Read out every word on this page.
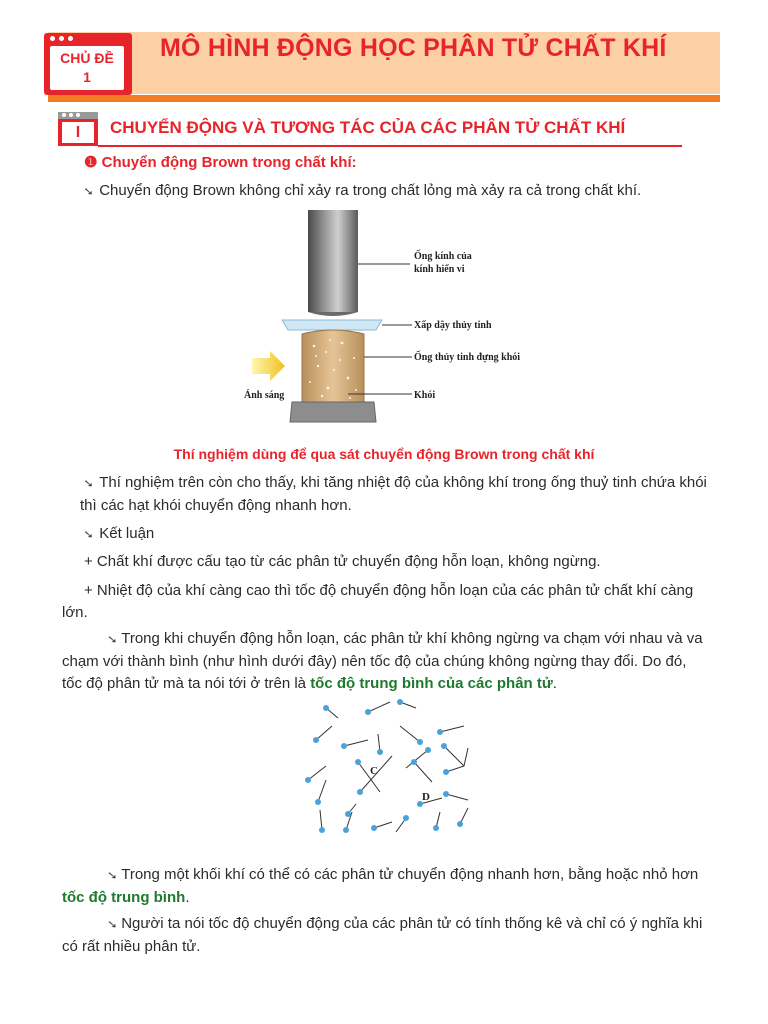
CHỦ ĐỀ
1
MÔ HÌNH ĐỘNG HỌC PHÂN TỬ CHẤT KHÍ
I	CHUYỂN ĐỘNG VÀ TƯƠNG TÁC CỦA CÁC PHÂN TỬ CHẤT KHÍ
❶ Chuyển động Brown trong chất khí:
➘ Chuyển động Brown không chỉ xảy ra trong chất lỏng mà xảy ra cả trong chất khí.
Ống kính của
kính hiển vi
Xấp dậy thủy tinh
Ống thủy tinh đựng khói
Ánh sáng	Khói
Thí nghiệm dùng để qua sát chuyển động Brown trong chất khí
➘ Thí nghiệm trên còn cho thấy, khi tăng nhiệt độ của không khí trong ống thuỷ tinh chứa khói thì các hạt khói chuyển động nhanh hơn.
➘ Kết luận
+ Chất khí được cấu tạo từ các phân tử chuyển động hỗn loạn, không ngừng.
+ Nhiệt độ của khí càng cao thì tốc độ chuyển động hỗn loạn của các phân tử chất khí càng lớn.
➘ Trong khi chuyển động hỗn loạn, các phân tử khí không ngừng va chạm với nhau và va chạm với thành bình (như hình dưới đây) nên tốc độ của chúng không ngừng thay đổi. Do đó, tốc độ phân tử mà ta nói tới ở trên là tốc độ trung bình của các phân tử.
C
D
➘ Trong một khối khí có thể có các phân tử chuyển động nhanh hơn, bằng hoặc nhỏ hơn tốc độ trung bình.
➘ Người ta nói tốc độ chuyển động của các phân tử có tính thống kê và chỉ có ý nghĩa khi có rất nhiều phân tử.
